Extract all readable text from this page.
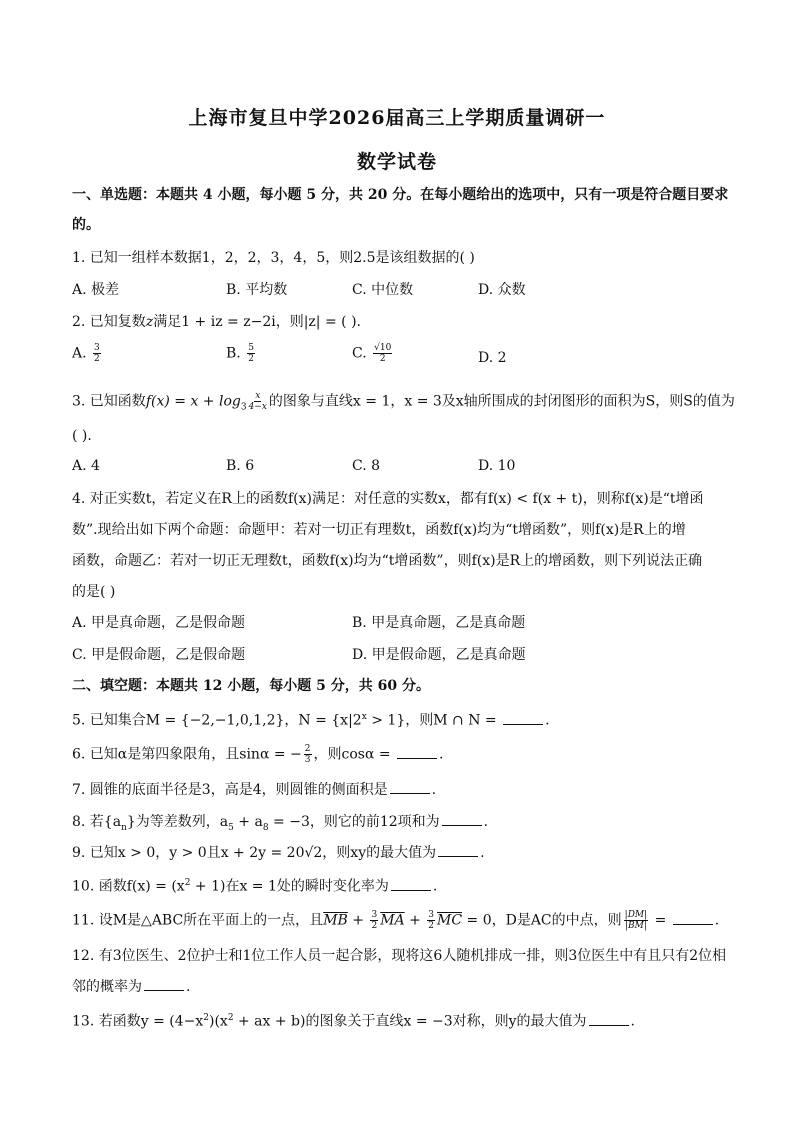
上海市复旦中学2026届高三上学期质量调研一
数学试卷
一、单选题：本题共 4 小题，每小题 5 分，共 20 分。在每小题给出的选项中，只有一项是符合题目要求
的。
1. 已知一组样本数据1，2，2，3，4，5，则2.5是该组数据的( )
A. 极差	B. 平均数	C. 中位数	D. 众数
2. 已知复数z满足1 + iz = z−2i，则|z| = ( ).
A. $\frac{3}{2}$	B. $\frac{5}{2}$	C. $\frac{√10}{2}$	D. 2
3. 已知函数$f(x) = x + \log_3 \frac{x}{4-x}$ 的图象与直线x = 1，x = 3及x轴所围成的封闭图形的面积为S，则S的值为
( ).
A. 4	B. 6	C. 8	D. 10
4. 对正实数t，若定义在R上的函数f(x)满足：对任意的实数x，都有f(x) < f(x + t)，则称f(x)是“t增函
数”.现给出如下两个命题：命题甲：若对一切正有理数t，函数f(x)均为“t增函数”，则f(x)是R上的增
函数，命题乙：若对一切正无理数t，函数f(x)均为“t增函数”，则f(x)是R上的增函数，则下列说法正确
的是( )
A. 甲是真命题，乙是假命题	B. 甲是真命题，乙是真命题
C. 甲是假命题，乙是假命题	D. 甲是假命题，乙是真命题
二、填空题：本题共 12 小题，每小题 5 分，共 60 分。
5. 已知集合M = {−2,−1,0,1,2}，$N = \{x|2^x > 1\}$，则M ∩ N =	.
6. 已知α是第四象限角，且sinα = − $\frac{2}{3}$ ，则cosα =	.
7. 圆锥的底面半径是3，高是4，则圆锥的侧面积是	.
8. 若$\{a_n\}$为等差数列，$a_5 + a_8 = -3$，则它的前12项和为	.
9. 已知x > 0，y > 0且x + 2y = 20√2，则xy的最大值为	.
10. 函数$f(x) = (x^2 + 1)$在x = 1处的瞬时变化率为	.
11. 设M是△ABC所在平面上的一点，且$\overline{MB} + \frac{3}{2} \overline{MA} + \frac{3}{2} \overline{MC} = 0$，D是AC的中点，则 $\frac{|DM|}{|BM|}$ =	.
12. 有3位医生、2位护士和1位工作人员一起合影，现将这6人随机排成一排，则3位医生中有且只有2位相
邻的概率为	.
13. 若函数$y = (4-x^2)(x^2$ + ax + b)的图象关于直线x = −3对称，则y的最大值为	.
